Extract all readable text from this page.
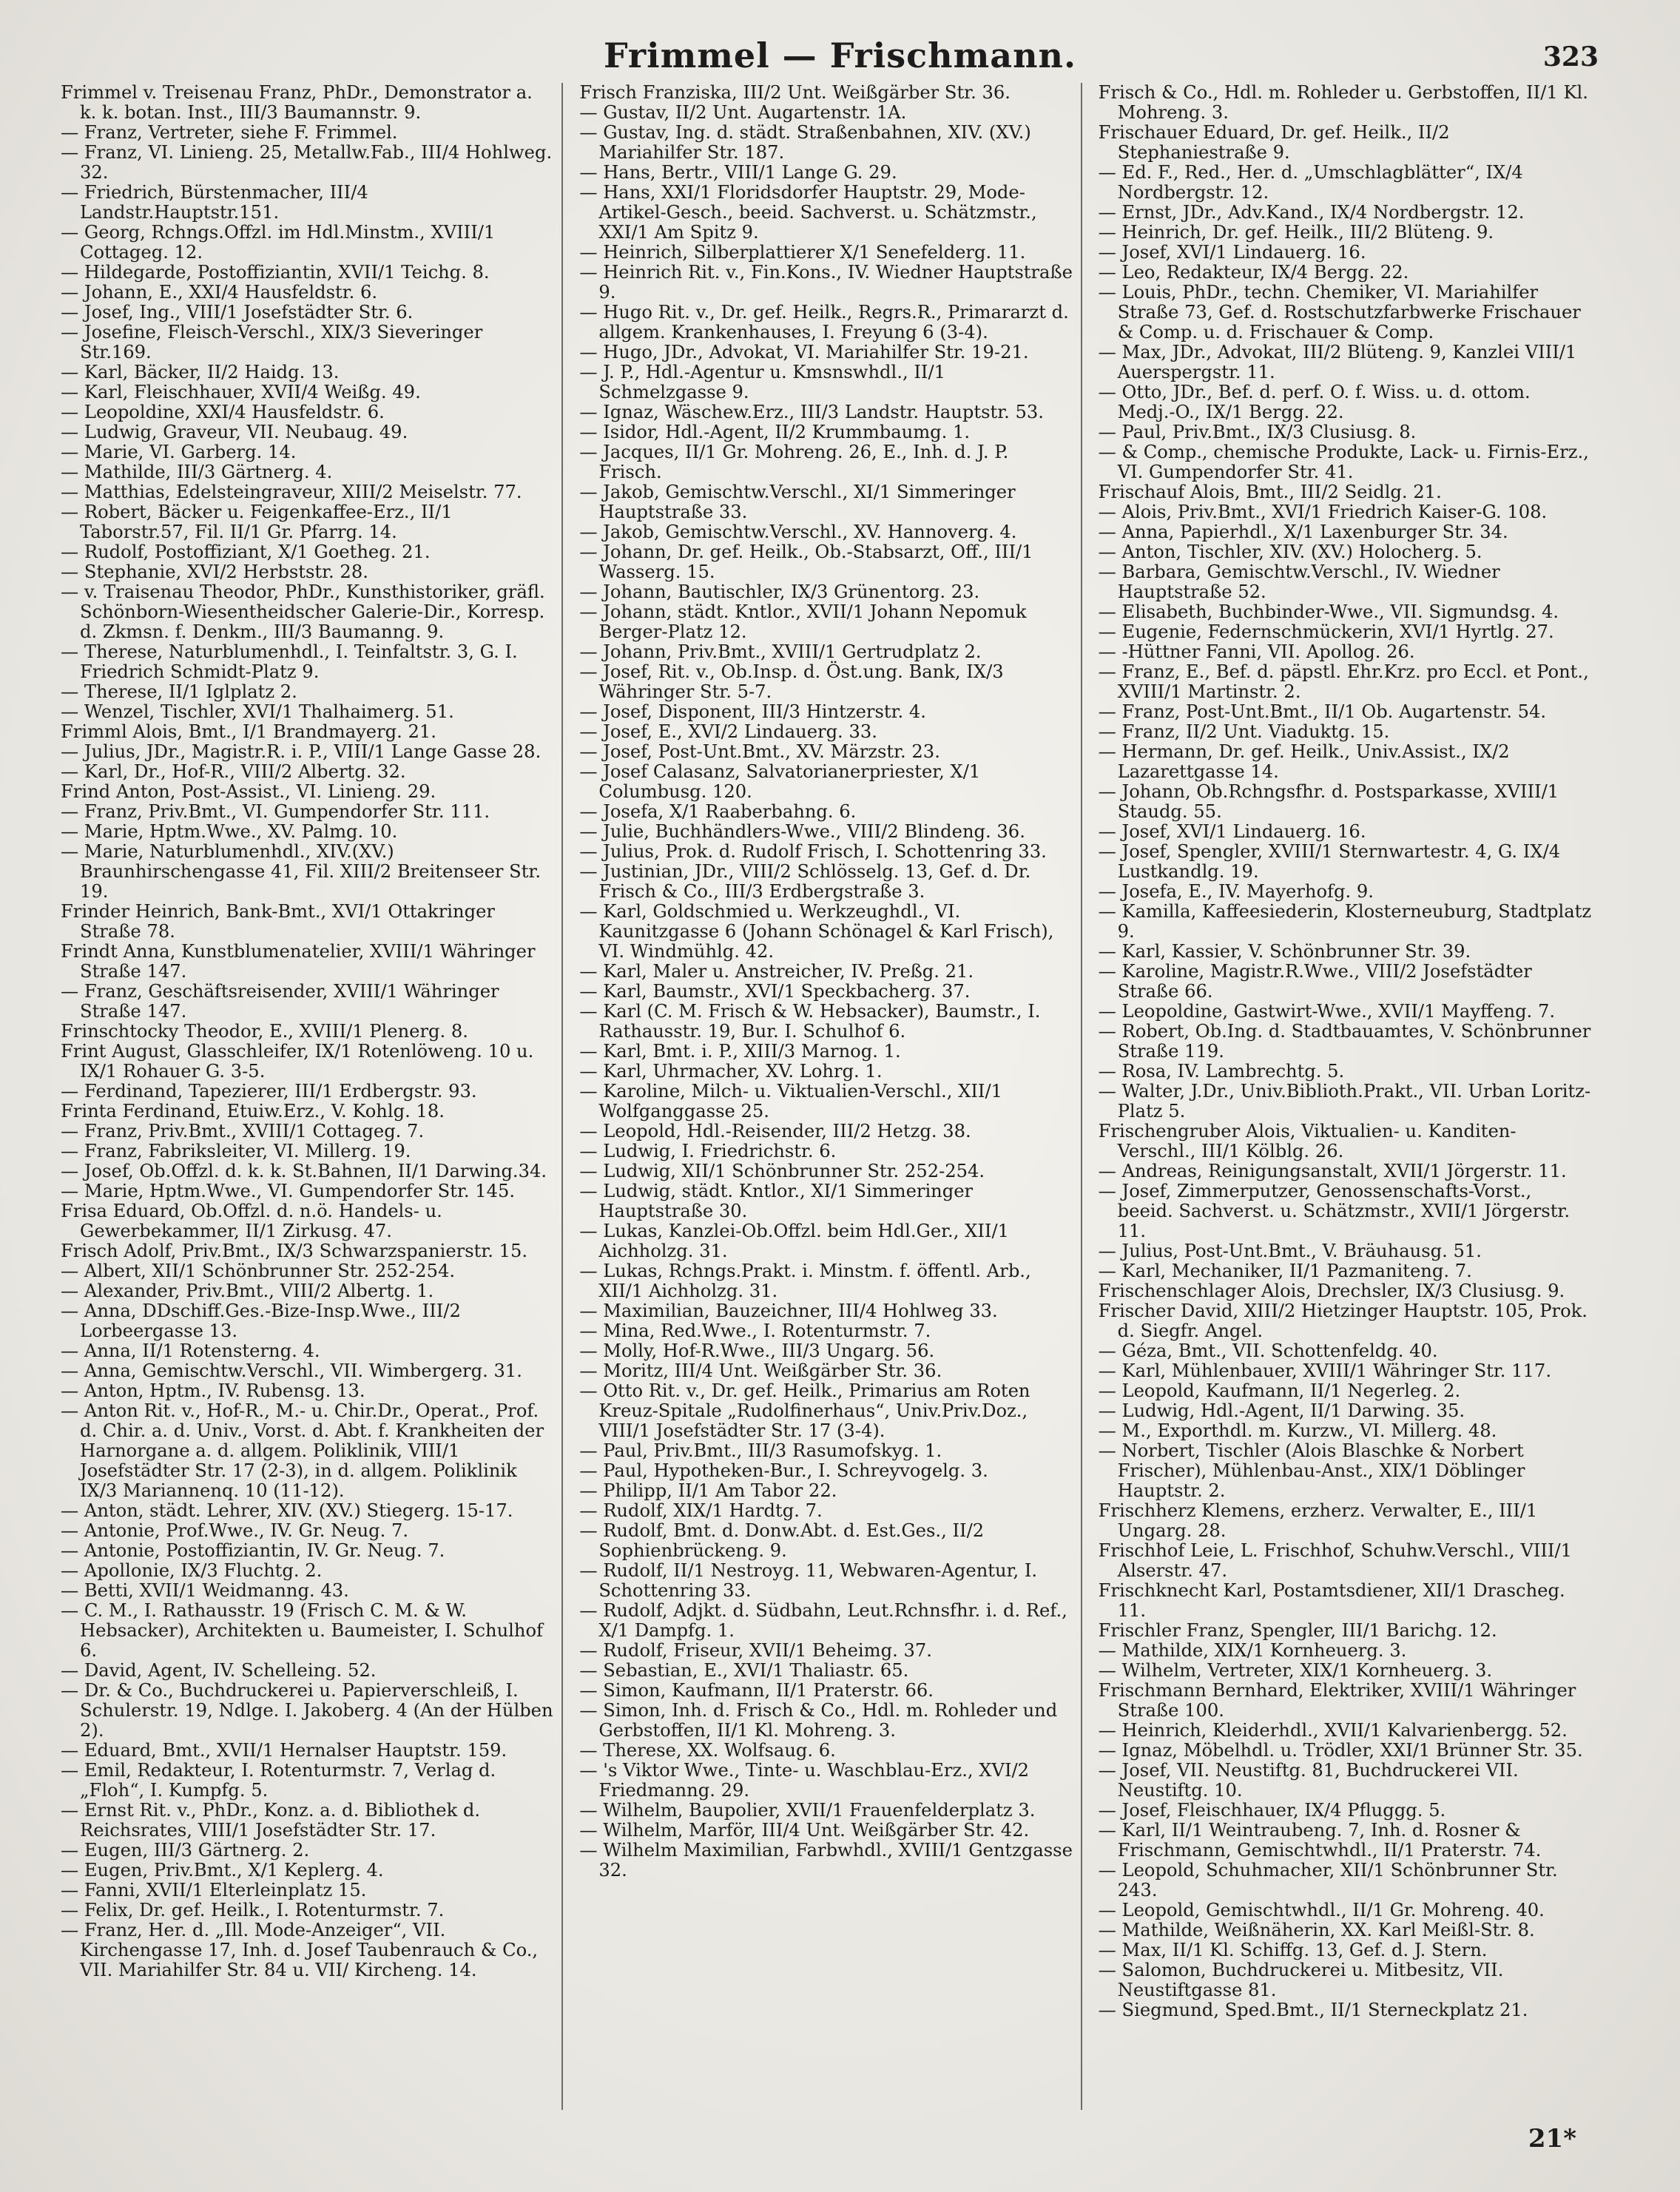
Frimmel — Frischmann.	323

Frimmel v. Treisenau Franz, PhDr., Demonstrator a. k. k. botan. Inst., III/3 Baumannstr. 9.

— Franz, Vertreter, siehe F. Frimmel.

— Franz, VI. Linieng. 25, Metallw.Fab., III/4 Hohlweg. 32.

— Friedrich, Bürstenmacher, III/4 Landstr.Hauptstr.151.

— Georg, Rchngs.Offzl. im Hdl.Minstm., XVIII/1 Cottageg. 12.

— Hildegarde, Postoffiziantin, XVII/1 Teichg. 8.

— Johann, E., XXI/4 Hausfeldstr. 6.

— Josef, Ing., VIII/1 Josefstädter Str. 6.

— Josefine, Fleisch-Verschl., XIX/3 Sieveringer Str.169.

— Karl, Bäcker, II/2 Haidg. 13.

— Karl, Fleischhauer, XVII/4 Weißg. 49.

— Leopoldine, XXI/4 Hausfeldstr. 6.

— Ludwig, Graveur, VII. Neubaug. 49.

— Marie, VI. Garberg. 14.

— Mathilde, III/3 Gärtnerg. 4.

— Matthias, Edelsteingraveur, XIII/2 Meiselstr. 77.

— Robert, Bäcker u. Feigenkaffee-Erz., II/1 Taborstr.57, Fil. II/1 Gr. Pfarrg. 14.

— Rudolf, Postoffiziant, X/1 Goetheg. 21.

— Stephanie, XVI/2 Herbststr. 28.

— v. Traisenau Theodor, PhDr., Kunsthistoriker, gräfl. Schönborn-Wiesentheidscher Galerie-Dir., Korresp. d. Zkmsn. f. Denkm., III/3 Baumanng. 9.

— Therese, Naturblumenhdl., I. Teinfaltstr. 3, G. I. Friedrich Schmidt-Platz 9.

— Therese, II/1 Iglplatz 2.

— Wenzel, Tischler, XVI/1 Thalhaimerg. 51.

Frimml Alois, Bmt., I/1 Brandmayerg. 21.

— Julius, JDr., Magistr.R. i. P., VIII/1 Lange Gasse 28.

— Karl, Dr., Hof-R., VIII/2 Albertg. 32.

Frind Anton, Post-Assist., VI. Linieng. 29.

— Franz, Priv.Bmt., VI. Gumpendorfer Str. 111.

— Marie, Hptm.Wwe., XV. Palmg. 10.

— Marie, Naturblumenhdl., XIV.(XV.) Braunhirschengasse 41, Fil. XIII/2 Breitenseer Str. 19.

Frinder Heinrich, Bank-Bmt., XVI/1 Ottakringer Straße 78.

Frindt Anna, Kunstblumenatelier, XVIII/1 Währinger Straße 147.

— Franz, Geschäftsreisender, XVIII/1 Währinger Straße 147.

Frinschtocky Theodor, E., XVIII/1 Plenerg. 8.

Frint August, Glasschleifer, IX/1 Rotenlöweng. 10 u. IX/1 Rohauer G. 3-5.

— Ferdinand, Tapezierer, III/1 Erdbergstr. 93.

Frinta Ferdinand, Etuiw.Erz., V. Kohlg. 18.

— Franz, Priv.Bmt., XVIII/1 Cottageg. 7.

— Franz, Fabriksleiter, VI. Millerg. 19.

— Josef, Ob.Offzl. d. k. k. St.Bahnen, II/1 Darwing.34.

— Marie, Hptm.Wwe., VI. Gumpendorfer Str. 145.

Frisa Eduard, Ob.Offzl. d. n.ö. Handels- u. Gewerbekammer, II/1 Zirkusg. 47.

Frisch Adolf, Priv.Bmt., IX/3 Schwarzspanierstr. 15.

— Albert, XII/1 Schönbrunner Str. 252-254.

— Alexander, Priv.Bmt., VIII/2 Albertg. 1.

— Anna, DDschiff.Ges.-Bize-Insp.Wwe., III/2 Lorbeergasse 13.

— Anna, II/1 Rotensterng. 4.

— Anna, Gemischtw.Verschl., VII. Wimbergerg. 31.

— Anton, Hptm., IV. Rubensg. 13.

— Anton Rit. v., Hof-R., M.- u. Chir.Dr., Operat., Prof. d. Chir. a. d. Univ., Vorst. d. Abt. f. Krankheiten der Harnorgane a. d. allgem. Poliklinik, VIII/1 Josefstädter Str. 17 (2-3), in d. allgem. Poliklinik IX/3 Mariannenq. 10 (11-12).

— Anton, städt. Lehrer, XIV. (XV.) Stiegerg. 15-17.

— Antonie, Prof.Wwe., IV. Gr. Neug. 7.

— Antonie, Postoffiziantin, IV. Gr. Neug. 7.

— Apollonie, IX/3 Fluchtg. 2.

— Betti, XVII/1 Weidmanng. 43.

— C. M., I. Rathausstr. 19 (Frisch C. M. & W. Hebsacker), Architekten u. Baumeister, I. Schulhof 6.

— David, Agent, IV. Schelleing. 52.

— Dr. & Co., Buchdruckerei u. Papierverschleiß, I. Schulerstr. 19, Ndlge. I. Jakoberg. 4 (An der Hülben 2).

— Eduard, Bmt., XVII/1 Hernalser Hauptstr. 159.

— Emil, Redakteur, I. Rotenturmstr. 7, Verlag d. „Floh“, I. Kumpfg. 5.

— Ernst Rit. v., PhDr., Konz. a. d. Bibliothek d. Reichsrates, VIII/1 Josefstädter Str. 17.

— Eugen, III/3 Gärtnerg. 2.

— Eugen, Priv.Bmt., X/1 Keplerg. 4.

— Fanni, XVII/1 Elterleinplatz 15.

— Felix, Dr. gef. Heilk., I. Rotenturmstr. 7.

— Franz, Her. d. „Ill. Mode-Anzeiger“, VII. Kirchengasse 17, Inh. d. Josef Taubenrauch & Co., VII. Mariahilfer Str. 84 u. VII/ Kircheng. 14.

Frisch Franziska, III/2 Unt. Weißgärber Str. 36.

— Gustav, II/2 Unt. Augartenstr. 1A.

— Gustav, Ing. d. städt. Straßenbahnen, XIV. (XV.) Mariahilfer Str. 187.

— Hans, Bertr., VIII/1 Lange G. 29.

— Hans, XXI/1 Floridsdorfer Hauptstr. 29, Mode-Artikel-Gesch., beeid. Sachverst. u. Schätzmstr., XXI/1 Am Spitz 9.

— Heinrich, Silberplattierer X/1 Senefelderg. 11.

— Heinrich Rit. v., Fin.Kons., IV. Wiedner Hauptstraße 9.

— Hugo Rit. v., Dr. gef. Heilk., Regrs.R., Primararzt d. allgem. Krankenhauses, I. Freyung 6 (3-4).

— Hugo, JDr., Advokat, VI. Mariahilfer Str. 19-21.

— J. P., Hdl.-Agentur u. Kmsnswhdl., II/1 Schmelzgasse 9.

— Ignaz, Wäschew.Erz., III/3 Landstr. Hauptstr. 53.

— Isidor, Hdl.-Agent, II/2 Krummbaumg. 1.

— Jacques, II/1 Gr. Mohreng. 26, E., Inh. d. J. P. Frisch.

— Jakob, Gemischtw.Verschl., XI/1 Simmeringer Hauptstraße 33.

— Jakob, Gemischtw.Verschl., XV. Hannoverg. 4.

— Johann, Dr. gef. Heilk., Ob.-Stabsarzt, Off., III/1 Wasserg. 15.

— Johann, Bautischler, IX/3 Grünentorg. 23.

— Johann, städt. Kntlor., XVII/1 Johann Nepomuk Berger-Platz 12.

— Johann, Priv.Bmt., XVIII/1 Gertrudplatz 2.

— Josef, Rit. v., Ob.Insp. d. Öst.ung. Bank, IX/3 Währinger Str. 5-7.

— Josef, Disponent, III/3 Hintzerstr. 4.

— Josef, E., XVI/2 Lindauerg. 33.

— Josef, Post-Unt.Bmt., XV. Märzstr. 23.

— Josef Calasanz, Salvatorianerpriester, X/1 Columbusg. 120.

— Josefa, X/1 Raaberbahng. 6.

— Julie, Buchhändlers-Wwe., VIII/2 Blindeng. 36.

— Julius, Prok. d. Rudolf Frisch, I. Schottenring 33.

— Justinian, JDr., VIII/2 Schlösselg. 13, Gef. d. Dr. Frisch & Co., III/3 Erdbergstraße 3.

— Karl, Goldschmied u. Werkzeughdl., VI. Kaunitzgasse 6 (Johann Schönagel & Karl Frisch), VI. Windmühlg. 42.

— Karl, Maler u. Anstreicher, IV. Preßg. 21.

— Karl, Baumstr., XVI/1 Speckbacherg. 37.

— Karl (C. M. Frisch & W. Hebsacker), Baumstr., I. Rathausstr. 19, Bur. I. Schulhof 6.

— Karl, Bmt. i. P., XIII/3 Marnog. 1.

— Karl, Uhrmacher, XV. Lohrg. 1.

— Karoline, Milch- u. Viktualien-Verschl., XII/1 Wolfganggasse 25.

— Leopold, Hdl.-Reisender, III/2 Hetzg. 38.

— Ludwig, I. Friedrichstr. 6.

— Ludwig, XII/1 Schönbrunner Str. 252-254.

— Ludwig, städt. Kntlor., XI/1 Simmeringer Hauptstraße 30.

— Lukas, Kanzlei-Ob.Offzl. beim Hdl.Ger., XII/1 Aichholzg. 31.

— Lukas, Rchngs.Prakt. i. Minstm. f. öffentl. Arb., XII/1 Aichholzg. 31.

— Maximilian, Bauzeichner, III/4 Hohlweg 33.

— Mina, Red.Wwe., I. Rotenturmstr. 7.

— Molly, Hof-R.Wwe., III/3 Ungarg. 56.

— Moritz, III/4 Unt. Weißgärber Str. 36.

— Otto Rit. v., Dr. gef. Heilk., Primarius am Roten Kreuz-Spitale „Rudolfinerhaus“, Univ.Priv.Doz., VIII/1 Josefstädter Str. 17 (3-4).

— Paul, Priv.Bmt., III/3 Rasumofskyg. 1.

— Paul, Hypotheken-Bur., I. Schreyvogelg. 3.

— Philipp, II/1 Am Tabor 22.

— Rudolf, XIX/1 Hardtg. 7.

— Rudolf, Bmt. d. Donw.Abt. d. Est.Ges., II/2 Sophienbrückeng. 9.

— Rudolf, II/1 Nestroyg. 11, Webwaren-Agentur, I. Schottenring 33.

— Rudolf, Adjkt. d. Südbahn, Leut.Rchnsfhr. i. d. Ref., X/1 Dampfg. 1.

— Rudolf, Friseur, XVII/1 Beheimg. 37.

— Sebastian, E., XVI/1 Thaliastr. 65.

— Simon, Kaufmann, II/1 Praterstr. 66.

— Simon, Inh. d. Frisch & Co., Hdl. m. Rohleder und Gerbstoffen, II/1 Kl. Mohreng. 3.

— Therese, XX. Wolfsaug. 6.

— 's Viktor Wwe., Tinte- u. Waschblau-Erz., XVI/2 Friedmanng. 29.

— Wilhelm, Baupolier, XVII/1 Frauenfelderplatz 3.

— Wilhelm, Marför, III/4 Unt. Weißgärber Str. 42.

— Wilhelm Maximilian, Farbwhdl., XVIII/1 Gentzgasse 32.

Frisch & Co., Hdl. m. Rohleder u. Gerbstoffen, II/1 Kl. Mohreng. 3.

Frischauer Eduard, Dr. gef. Heilk., II/2 Stephaniestraße 9.

— Ed. F., Red., Her. d. „Umschlagblätter“, IX/4 Nordbergstr. 12.

— Ernst, JDr., Adv.Kand., IX/4 Nordbergstr. 12.

— Heinrich, Dr. gef. Heilk., III/2 Blüteng. 9.

— Josef, XVI/1 Lindauerg. 16.

— Leo, Redakteur, IX/4 Bergg. 22.

— Louis, PhDr., techn. Chemiker, VI. Mariahilfer Straße 73, Gef. d. Rostschutzfarbwerke Frischauer & Comp. u. d. Frischauer & Comp.

— Max, JDr., Advokat, III/2 Blüteng. 9, Kanzlei VIII/1 Auerspergstr. 11.

— Otto, JDr., Bef. d. perf. O. f. Wiss. u. d. ottom. Medj.-O., IX/1 Bergg. 22.

— Paul, Priv.Bmt., IX/3 Clusiusg. 8.

— & Comp., chemische Produkte, Lack- u. Firnis-Erz., VI. Gumpendorfer Str. 41.

Frischauf Alois, Bmt., III/2 Seidlg. 21.

— Alois, Priv.Bmt., XVI/1 Friedrich Kaiser-G. 108.

— Anna, Papierhdl., X/1 Laxenburger Str. 34.

— Anton, Tischler, XIV. (XV.) Holocherg. 5.

— Barbara, Gemischtw.Verschl., IV. Wiedner Hauptstraße 52.

— Elisabeth, Buchbinder-Wwe., VII. Sigmundsg. 4.

— Eugenie, Federnschmückerin, XVI/1 Hyrtlg. 27.

— -Hüttner Fanni, VII. Apollog. 26.

— Franz, E., Bef. d. päpstl. Ehr.Krz. pro Eccl. et Pont., XVIII/1 Martinstr. 2.

— Franz, Post-Unt.Bmt., II/1 Ob. Augartenstr. 54.

— Franz, II/2 Unt. Viaduktg. 15.

— Hermann, Dr. gef. Heilk., Univ.Assist., IX/2 Lazarettgasse 14.

— Johann, Ob.Rchngsfhr. d. Postsparkasse, XVIII/1 Staudg. 55.

— Josef, XVI/1 Lindauerg. 16.

— Josef, Spengler, XVIII/1 Sternwartestr. 4, G. IX/4 Lustkandlg. 19.

— Josefa, E., IV. Mayerhofg. 9.

— Kamilla, Kaffeesiederin, Klosterneuburg, Stadtplatz 9.

— Karl, Kassier, V. Schönbrunner Str. 39.

— Karoline, Magistr.R.Wwe., VIII/2 Josefstädter Straße 66.

— Leopoldine, Gastwirt-Wwe., XVII/1 Mayffeng. 7.

— Robert, Ob.Ing. d. Stadtbauamtes, V. Schönbrunner Straße 119.

— Rosa, IV. Lambrechtg. 5.

— Walter, J.Dr., Univ.Biblioth.Prakt., VII. Urban Loritz-Platz 5.

Frischengruber Alois, Viktualien- u. Kanditen-Verschl., III/1 Kölblg. 26.

— Andreas, Reinigungsanstalt, XVII/1 Jörgerstr. 11.

— Josef, Zimmerputzer, Genossenschafts-Vorst., beeid. Sachverst. u. Schätzmstr., XVII/1 Jörgerstr. 11.

— Julius, Post-Unt.Bmt., V. Bräuhausg. 51.

— Karl, Mechaniker, II/1 Pazmaniteng. 7.

Frischenschlager Alois, Drechsler, IX/3 Clusiusg. 9.

Frischer David, XIII/2 Hietzinger Hauptstr. 105, Prok. d. Siegfr. Angel.

— Géza, Bmt., VII. Schottenfeldg. 40.

— Karl, Mühlenbauer, XVIII/1 Währinger Str. 117.

— Leopold, Kaufmann, II/1 Negerleg. 2.

— Ludwig, Hdl.-Agent, II/1 Darwing. 35.

— M., Exporthdl. m. Kurzw., VI. Millerg. 48.

— Norbert, Tischler (Alois Blaschke & Norbert Frischer), Mühlenbau-Anst., XIX/1 Döblinger Hauptstr. 2.

Frischherz Klemens, erzherz. Verwalter, E., III/1 Ungarg. 28.

Frischhof Leie, L. Frischhof, Schuhw.Verschl., VIII/1 Alserstr. 47.

Frischknecht Karl, Postamtsdiener, XII/1 Drascheg. 11.

Frischler Franz, Spengler, III/1 Barichg. 12.

— Mathilde, XIX/1 Kornheuerg. 3.

— Wilhelm, Vertreter, XIX/1 Kornheuerg. 3.

Frischmann Bernhard, Elektriker, XVIII/1 Währinger Straße 100.

— Heinrich, Kleiderhdl., XVII/1 Kalvarienbergg. 52.

— Ignaz, Möbelhdl. u. Trödler, XXI/1 Brünner Str. 35.

— Josef, VII. Neustiftg. 81, Buchdruckerei VII. Neustiftg. 10.

— Josef, Fleischhauer, IX/4 Pfluggg. 5.

— Karl, II/1 Weintraubeng. 7, Inh. d. Rosner & Frischmann, Gemischtwhdl., II/1 Praterstr. 74.

— Leopold, Schuhmacher, XII/1 Schönbrunner Str. 243.

— Leopold, Gemischtwhdl., II/1 Gr. Mohreng. 40.

— Mathilde, Weißnäherin, XX. Karl Meißl-Str. 8.

— Max, II/1 Kl. Schiffg. 13, Gef. d. J. Stern.

— Salomon, Buchdruckerei u. Mitbesitz, VII. Neustiftgasse 81.

— Siegmund, Sped.Bmt., II/1 Sterneckplatz 21.

21*
